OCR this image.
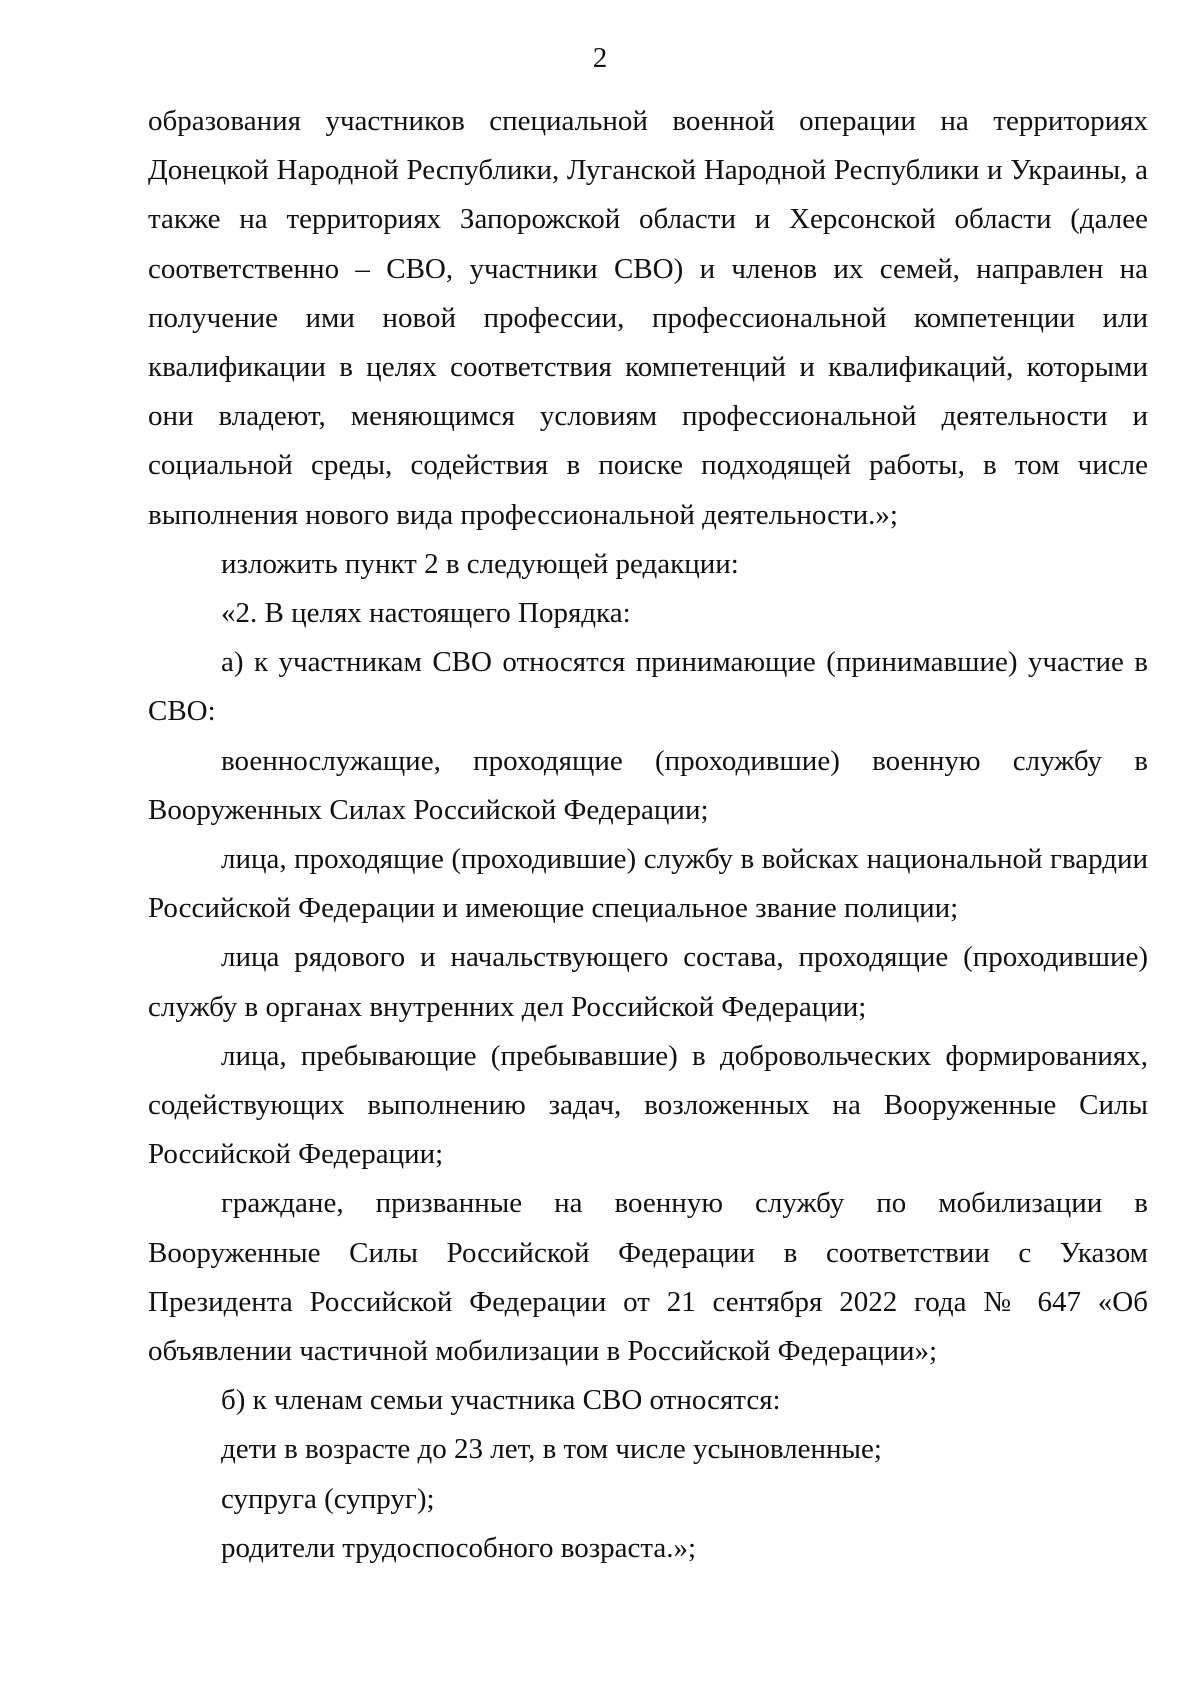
2

образования участников специальной военной операции на территориях Донецкой Народной Республики, Луганской Народной Республики и Украины, а также на территориях Запорожской области и Херсонской области (далее соответственно – СВО, участники СВО) и членов их семей, направлен на получение ими новой профессии, профессиональной компетенции или квалификации в целях соответствия компетенций и квалификаций, которыми они владеют, меняющимся условиям профессиональной деятельности и социальной среды, содействия в поиске подходящей работы, в том числе выполнения нового вида профессиональной деятельности.»;

изложить пункт 2 в следующей редакции:

«2. В целях настоящего Порядка:

а) к участникам СВО относятся принимающие (принимавшие) участие в СВО:

военнослужащие, проходящие (проходившие) военную службу в Вооруженных Силах Российской Федерации;

лица, проходящие (проходившие) службу в войсках национальной гвардии Российской Федерации и имеющие специальное звание полиции;

лица рядового и начальствующего состава, проходящие (проходившие) службу в органах внутренних дел Российской Федерации;

лица, пребывающие (пребывавшие) в добровольческих формированиях, содействующих выполнению задач, возложенных на Вооруженные Силы Российской Федерации;

граждане, призванные на военную службу по мобилизации в Вооруженные Силы Российской Федерации в соответствии с Указом Президента Российской Федерации от 21 сентября 2022 года № 647 «Об объявлении частичной мобилизации в Российской Федерации»;

б) к членам семьи участника СВО относятся:

дети в возрасте до 23 лет, в том числе усыновленные;

супруга (супруг);

родители трудоспособного возраста.»;
